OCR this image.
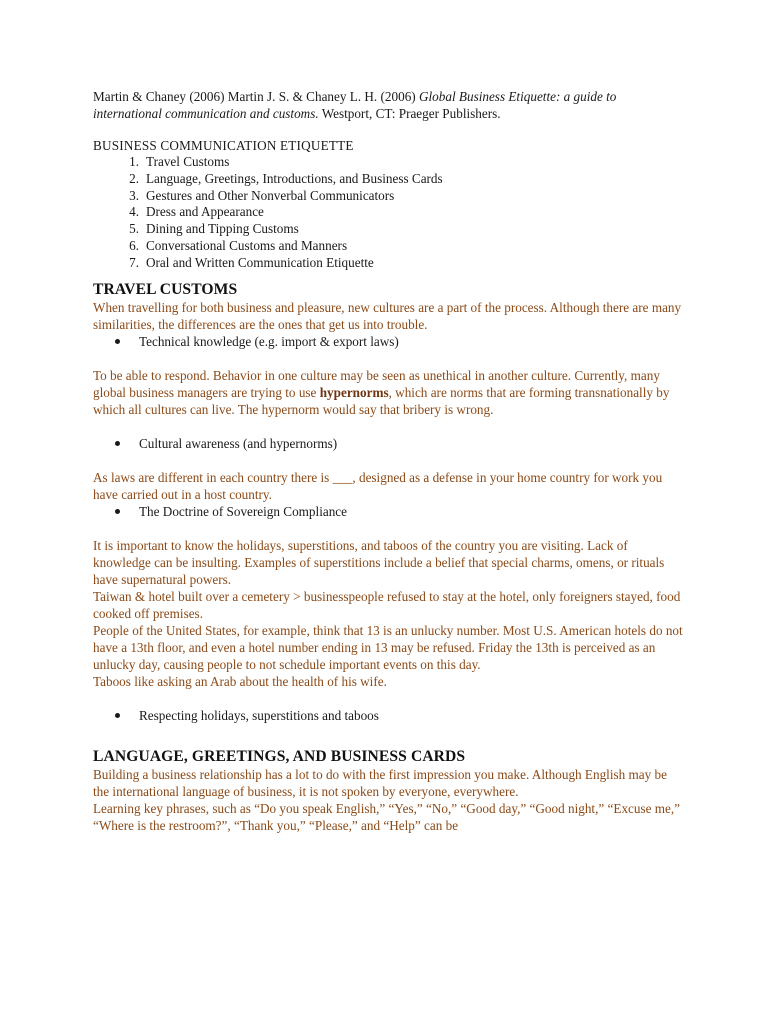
Martin & Chaney (2006) Martin J. S. & Chaney L. H. (2006) Global Business Etiquette: a guide to international communication and customs. Westport, CT: Praeger Publishers.

BUSINESS COMMUNICATION ETIQUETTE

1. Travel Customs
2. Language, Greetings, Introductions, and Business Cards
3. Gestures and Other Nonverbal Communicators
4. Dress and Appearance
5. Dining and Tipping Customs
6. Conversational Customs and Manners
7. Oral and Written Communication Etiquette
TRAVEL CUSTOMS

When travelling for both business and pleasure, new cultures are a part of the process. Although there are many similarities, the differences are the ones that get us into trouble.

Technical knowledge (e.g. import & export laws)

To be able to respond. Behavior in one culture may be seen as unethical in another culture. Currently, many global business managers are trying to use hypernorms, which are norms that are forming transnationally by which all cultures can live. The hypernorm would say that bribery is wrong.

Cultural awareness (and hypernorms)

As laws are different in each country there is ___, designed as a defense in your home country for work you have carried out in a host country.

The Doctrine of Sovereign Compliance

It is important to know the holidays, superstitions, and taboos of the country you are visiting. Lack of knowledge can be insulting. Examples of superstitions include a belief that special charms, omens, or rituals have supernatural powers.

Taiwan & hotel built over a cemetery > businesspeople refused to stay at the hotel, only foreigners stayed, food cooked off premises.

People of the United States, for example, think that 13 is an unlucky number. Most U.S. American hotels do not have a 13th floor, and even a hotel number ending in 13 may be refused. Friday the 13th is perceived as an unlucky day, causing people to not schedule important events on this day.

Taboos like asking an Arab about the health of his wife.

Respecting holidays, superstitions and taboos
LANGUAGE, GREETINGS, AND BUSINESS CARDS

Building a business relationship has a lot to do with the first impression you make. Although English may be the international language of business, it is not spoken by everyone, everywhere.

Learning key phrases, such as “Do you speak English,” “Yes,” “No,” “Good day,” “Good night,” “Excuse me,” “Where is the restroom?”, “Thank you,” “Please,” and “Help” can be
